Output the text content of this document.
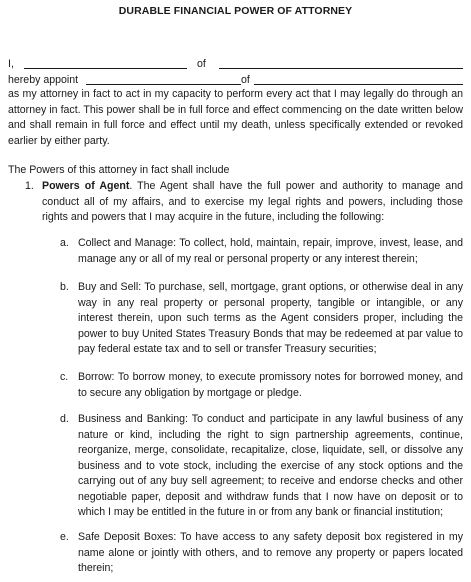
DURABLE FINANCIAL POWER OF ATTORNEY
I,	of
hereby appoint	of
as my attorney in fact to act in my capacity to perform every act that I may legally do through an attorney in fact. This power shall be in full force and effect commencing on the date written below and shall remain in full force and effect until my death, unless specifically extended or revoked earlier by either party.
The Powers of this attorney in fact shall include
1. Powers of Agent. The Agent shall have the full power and authority to manage and conduct all of my affairs, and to exercise my legal rights and powers, including those rights and powers that I may acquire in the future, including the following:
a. Collect and Manage: To collect, hold, maintain, repair, improve, invest, lease, and manage any or all of my real or personal property or any interest therein;
b. Buy and Sell: To purchase, sell, mortgage, grant options, or otherwise deal in any way in any real property or personal property, tangible or intangible, or any interest therein, upon such terms as the Agent considers proper, including the power to buy United States Treasury Bonds that may be redeemed at par value to pay federal estate tax and to sell or transfer Treasury securities;
c. Borrow: To borrow money, to execute promissory notes for borrowed money, and to secure any obligation by mortgage or pledge.
d. Business and Banking: To conduct and participate in any lawful business of any nature or kind, including the right to sign partnership agreements, continue, reorganize, merge, consolidate, recapitalize, close, liquidate, sell, or dissolve any business and to vote stock, including the exercise of any stock options and the carrying out of any buy sell agreement; to receive and endorse checks and other negotiable paper, deposit and withdraw funds that I now have on deposit or to which I may be entitled in the future in or from any bank or financial institution;
e. Safe Deposit Boxes: To have access to any safety deposit box registered in my name alone or jointly with others, and to remove any property or papers located therein;
